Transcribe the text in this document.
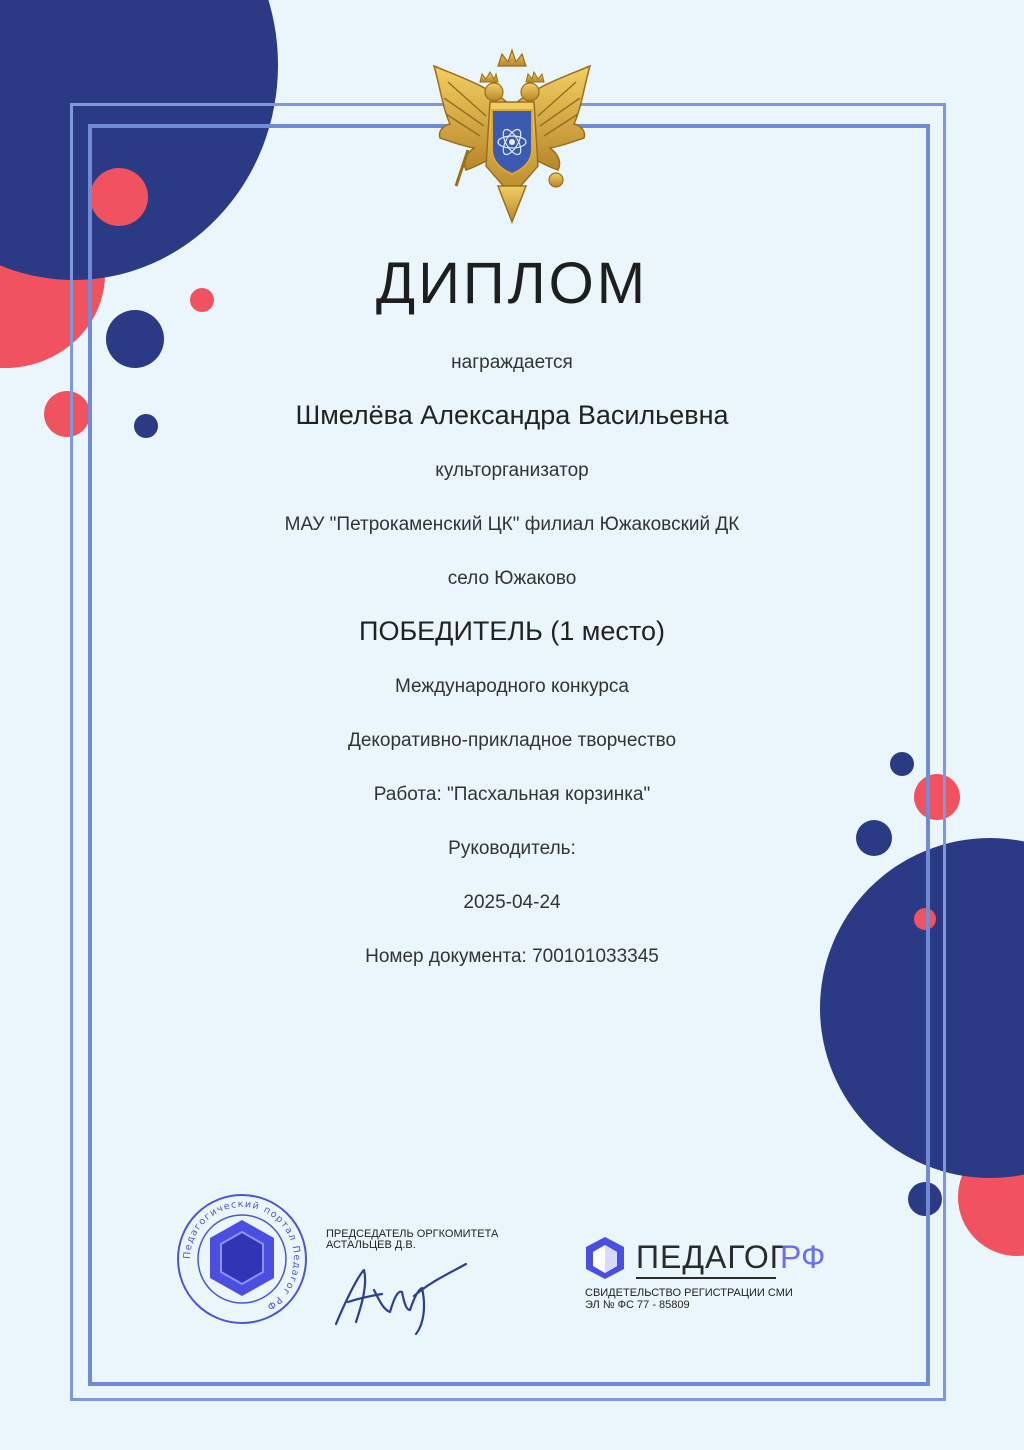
ДИПЛОМ

награждается

Шмелёва Александра Васильевна

культорганизатор

МАУ "Петрокаменский ЦК" филиал Южаковский ДК

село Южаково

ПОБЕДИТЕЛЬ (1 место)

Международного конкурса

Декоративно-прикладное творчество

Работа: "Пасхальная корзинка"

Руководитель:

2025-04-24

Номер документа: 700101033345

Педагогический портал Педагог РФ
ПРЕДСЕДАТЕЛЬ ОРГКОМИТЕТА
АСТАЛЬЦЕВ Д.В.	ПЕДАГОГ
РФ
СВИДЕТЕЛЬСТВО РЕГИСТРАЦИИ СМИ
ЭЛ № ФС 77 - 85809
